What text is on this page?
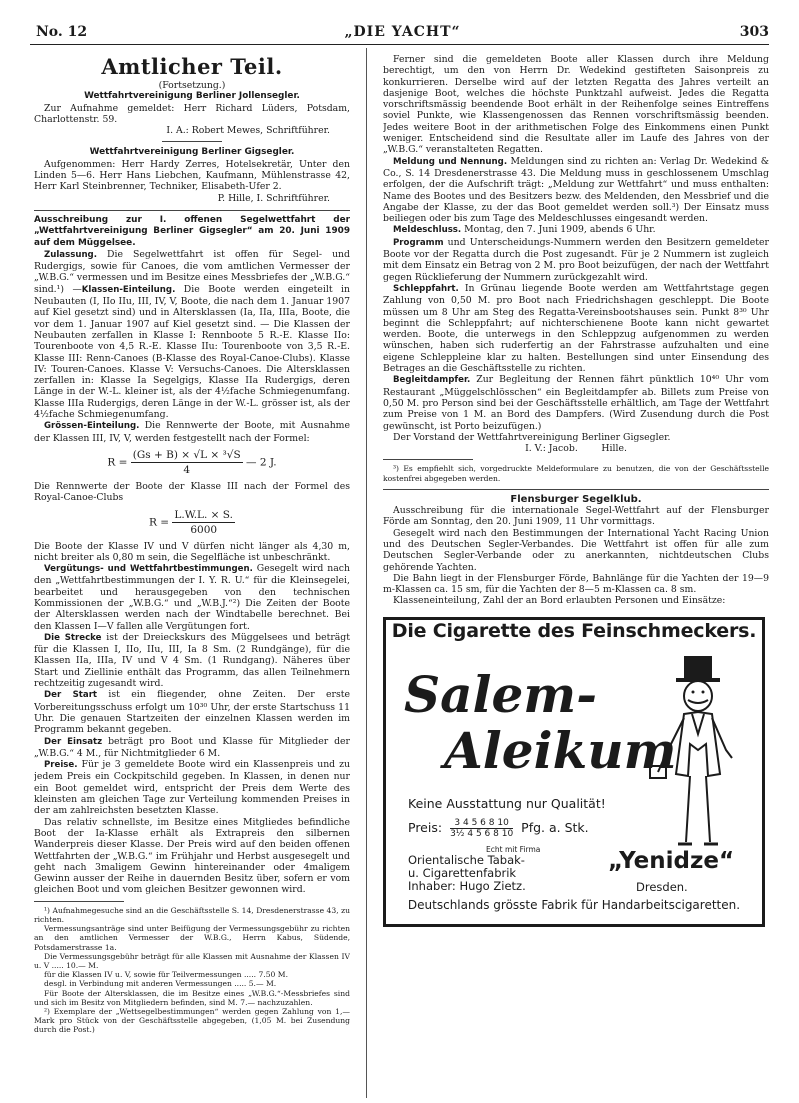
No. 12	„DIE YACHT“	303

Amtlicher Teil.

(Fortsetzung.)

Wettfahrtvereinigung Berliner Jollensegler.

Zur Aufnahme gemeldet: Herr Richard Lüders, Potsdam, Charlottenstr. 59.

I. A.: Robert Mewes, Schriftführer.

Wettfahrtvereinigung Berliner Gigsegler.

Aufgenommen: Herr Hardy Zerres, Hotelsekretär, Unter den Linden 5—6. Herr Hans Liebchen, Kaufmann, Mühlenstrasse 42, Herr Karl Steinbrenner, Techniker, Elisabeth-Ufer 2.

P. Hille, I. Schriftführer.

Ausschreibung zur I. offenen Segelwettfahrt der „Wettfahrtvereinigung Berliner Gigsegler“ am 20. Juni 1909 auf dem Müggelsee.

Zulassung. Die Segelwettfahrt ist offen für Segel- und Rudergigs, sowie für Canoes, die vom amtlichen Vermesser der „W.B.G.“ vermessen und im Besitze eines Messbriefes der „W.B.G.“ sind.¹) —Klassen-Einteilung. Die Boote werden eingeteilt in Neubauten (I, IIo IIu, III, IV, V, Boote, die nach dem 1. Januar 1907 auf Kiel gesetzt sind) und in Altersklassen (Ia, IIa, IIIa, Boote, die vor dem 1. Januar 1907 auf Kiel gesetzt sind. — Die Klassen der Neubauten zerfallen in Klasse I: Rennboote 5 R.-E. Klasse IIo: Tourenboote von 4,5 R.-E. Klasse IIu: Tourenboote von 3,5 R.-E. Klasse III: Renn-Canoes (B-Klasse des Royal-Canoe-Clubs). Klasse IV: Touren-Canoes. Klasse V: Versuchs-Canoes. Die Altersklassen zerfallen in: Klasse Ia Segelgigs, Klasse IIa Rudergigs, deren Länge in der W.-L. kleiner ist, als der 4½fache Schmiegenumfang. Klasse IIIa Rudergigs, deren Länge in der W.-L. grösser ist, als der 4½fache Schmiegenumfang.

Grössen-Einteilung. Die Rennwerte der Boote, mit Ausnahme der Klassen III, IV, V, werden festgestellt nach der Formel:

$R = \frac{\text{(Gs + B) × √L × ³√S}}{4}$ — 2 J.

Die Rennwerte der Boote der Klasse III nach der Formel des Royal-Canoe-Clubs

$R = \frac{L.W.L. \times S.}{6000}$

Die Boote der Klasse IV und V dürfen nicht länger als 4,30 m, nicht breiter als 0,80 m sein, die Segelfläche ist unbeschränkt.

Vergütungs- und Wettfahrtbestimmungen. Gesegelt wird nach den „Wettfahrtbestimmungen der I. Y. R. U.“ für die Kleinsegelei, bearbeitet und herausgegeben von den technischen Kommissionen der „W.B.G.“ und „W.B.J.“²) Die Zeiten der Boote der Altersklassen werden nach der Windtabelle berechnet. Bei den Klassen I—V fallen alle Vergütungen fort.

Die Strecke ist der Dreieckskurs des Müggelsees und beträgt für die Klassen I, IIo, IIu, III, Ia 8 Sm. (2 Rundgänge), für die Klassen IIa, IIIa, IV und V 4 Sm. (1 Rundgang). Näheres über Start und Ziellinie enthält das Programm, das allen Teilnehmern rechtzeitig zugesandt wird.

Der Start ist ein fliegender, ohne Zeiten. Der erste Vorbereitungsschuss erfolgt um 10³⁰ Uhr, der erste Startschuss 11 Uhr. Die genauen Startzeiten der einzelnen Klassen werden im Programm bekannt gegeben.

Der Einsatz beträgt pro Boot und Klasse für Mitglieder der „W.B.G.“ 4 M., für Nichtmitglieder 6 M.

Preise. Für je 3 gemeldete Boote wird ein Klassenpreis und zu jedem Preis ein Cockpitschild gegeben. In Klassen, in denen nur ein Boot gemeldet wird, entspricht der Preis dem Werte des kleinsten am gleichen Tage zur Verteilung kommenden Preises in der am zahlreichsten besetzten Klasse.

Das relativ schnellste, im Besitze eines Mitgliedes befindliche Boot der Ia-Klasse erhält als Extrapreis den silbernen Wanderpreis dieser Klasse. Der Preis wird auf den beiden offenen Wettfahrten der „W.B.G.“ im Frühjahr und Herbst ausgesegelt und geht nach 3maligem Gewinn hintereinander oder 4maligem Gewinn ausser der Reihe in dauernden Besitz über, sofern er vom gleichen Boot und vom gleichen Besitzer gewonnen wird.

¹) Aufnahmegesuche sind an die Geschäftsstelle S. 14, Dresdenerstrasse 43, zu richten.

Vermessungsanträge sind unter Beifügung der Vermessungsgebühr zu richten an den amtlichen Vermesser der W.B.G., Herrn Kabus, Südende, Potsdamerstrasse 1a.

Die Vermessungsgebühr beträgt für alle Klassen mit Ausnahme der Klassen IV u. V ..... 10.— M.

für die Klassen IV u. V, sowie für Teilvermessungen ..... 7.50 M.

desgl. in Verbindung mit anderen Vermessungen ..... 5.— M.

Für Boote der Altersklassen, die im Besitze eines „W.B.G.“-Messbriefes sind und sich im Besitz von Mitgliedern befinden, sind M. 7.— nachzuzahlen.

²) Exemplare der „Wettsegelbestimmungen“ werden gegen Zahlung von 1,— Mark pro Stück von der Geschäftsstelle abgegeben, (1,05 M. bei Zusendung durch die Post.)

Ferner sind die gemeldeten Boote aller Klassen durch ihre Meldung berechtigt, um den von Herrn Dr. Wedekind gestifteten Saisonpreis zu konkurrieren. Derselbe wird auf der letzten Regatta des Jahres verteilt an dasjenige Boot, welches die höchste Punktzahl aufweist. Jedes die Regatta vorschriftsmässig beendende Boot erhält in der Reihenfolge seines Eintreffens soviel Punkte, wie Klassengenossen das Rennen vorschriftsmässig beenden. Jedes weitere Boot in der arithmetischen Folge des Einkommens einen Punkt weniger. Entscheidend sind die Resultate aller im Laufe des Jahres von der „W.B.G.“ veranstalteten Regatten.

Meldung und Nennung. Meldungen sind zu richten an: Verlag Dr. Wedekind & Co., S. 14 Dresdenerstrasse 43. Die Meldung muss in geschlossenem Umschlag erfolgen, der die Aufschrift trägt: „Meldung zur Wettfahrt“ und muss enthalten: Name des Bootes und des Besitzers bezw. des Meldenden, den Messbrief und die Angabe der Klasse, zu der das Boot gemeldet werden soll.³) Der Einsatz muss beiliegen oder bis zum Tage des Meldeschlusses eingesandt werden.

Meldeschluss. Montag, den 7. Juni 1909, abends 6 Uhr.

Programm und Unterscheidungs-Nummern werden den Besitzern gemeldeter Boote vor der Regatta durch die Post zugesandt. Für je 2 Nummern ist zugleich mit dem Einsatz ein Betrag von 2 M. pro Boot beizufügen, der nach der Wettfahrt gegen Rücklieferung der Nummern zurückgezahlt wird.

Schleppfahrt. In Grünau liegende Boote werden am Wettfahrtstage gegen Zahlung von 0,50 M. pro Boot nach Friedrichshagen geschleppt. Die Boote müssen um 8 Uhr am Steg des Regatta-Vereinsbootshauses sein. Punkt 8³⁰ Uhr beginnt die Schleppfahrt; auf nichterschienene Boote kann nicht gewartet werden. Boote, die unterwegs in den Schleppzug aufgenommen zu werden wünschen, haben sich ruderfertig an der Fahrstrasse aufzuhalten und eine eigene Schleppleine klar zu halten. Bestellungen sind unter Einsendung des Betrages an die Geschäftsstelle zu richten.

Begleitdampfer. Zur Begleitung der Rennen fährt pünktlich 10⁴⁰ Uhr vom Restaurant „Müggelschlösschen“ ein Begleitdampfer ab. Billets zum Preise von 0,50 M. pro Person sind bei der Geschäftsstelle erhältlich, am Tage der Wettfahrt zum Preise von 1 M. an Bord des Dampfers. (Wird Zusendung durch die Post gewünscht, ist Porto beizufügen.)

Der Vorstand der Wettfahrtvereinigung Berliner Gigsegler.

I. V.: Jacob.        Hille.

³) Es empfiehlt sich, vorgedruckte Meldeformulare zu benutzen, die von der Geschäftsstelle kostenfrei abgegeben werden.

Flensburger Segelklub.

Ausschreibung für die internationale Segel-Wettfahrt auf der Flensburger Förde am Sonntag, den 20. Juni 1909, 11 Uhr vormittags.

Gesegelt wird nach den Bestimmungen der International Yacht Racing Union und des Deutschen Segler-Verbandes. Die Wettfahrt ist offen für alle zum Deutschen Segler-Verbande oder zu anerkannten, nichtdeutschen Clubs gehörende Yachten.

Die Bahn liegt in der Flensburger Förde, Bahnlänge für die Yachten der 19—9 m-Klassen ca. 15 sm, für die Yachten der 8—5 m-Klassen ca. 8 sm.

Klasseneinteilung, Zahl der an Bord erlaubten Personen und Einsätze:

Die Cigarette des Feinschmeckers.
Salem-
Aleikum
Keine Ausstattung nur Qualität!
Preis: $\frac{3 4 5 6 8 10}{\text{3½ 4 5 6 8 10}}$ Pfg. a. Stk.
Echt mit Firma
Orientalische Tabak-
u. Cigarettenfabrik
Inhaber: Hugo Zietz.
„Yenidze“
Dresden.
Deutschlands grösste Fabrik für Handarbeitscigaretten.
